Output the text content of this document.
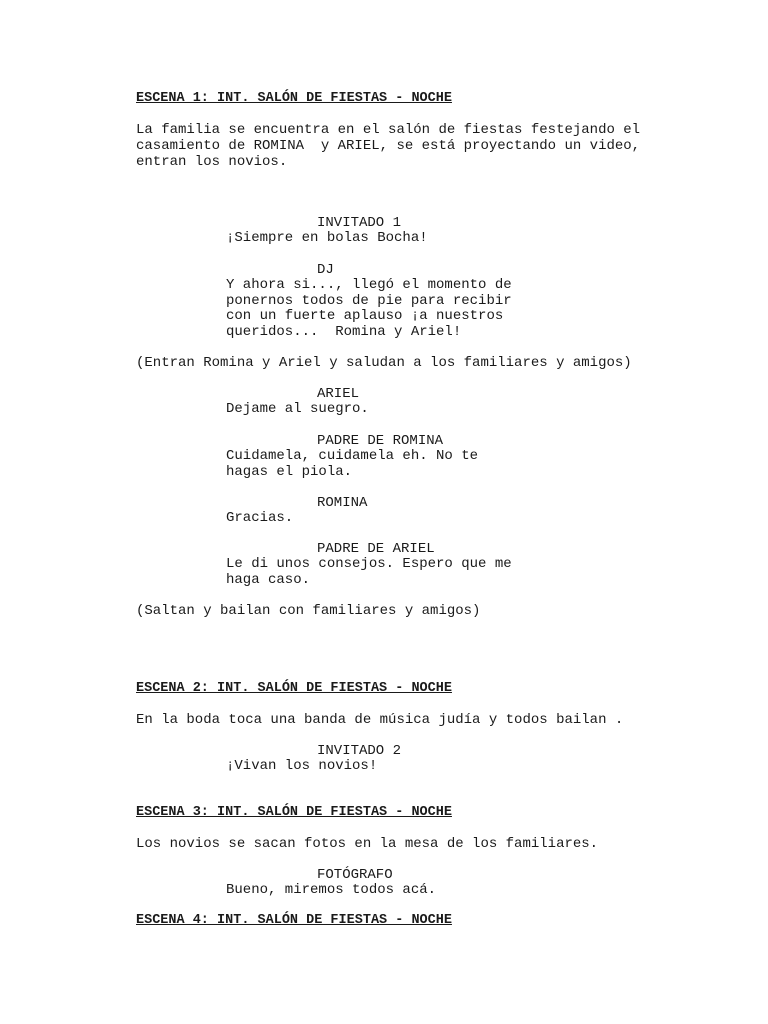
ESCENA 1: INT. SALÓN DE FIESTAS - NOCHE
La familia se encuentra en el salón de fiestas festejando el
casamiento de ROMINA  y ARIEL, se está proyectando un video,
entran los novios.
INVITADO 1
¡Siempre en bolas Bocha!
DJ
Y ahora si..., llegó el momento de
ponernos todos de pie para recibir
con un fuerte aplauso ¡a nuestros
queridos...  Romina y Ariel!
(Entran Romina y Ariel y saludan a los familiares y amigos)
ARIEL
Dejame al suegro.
PADRE DE ROMINA
Cuidamela, cuidamela eh. No te
hagas el piola.
ROMINA
Gracias.
PADRE DE ARIEL
Le di unos consejos. Espero que me
haga caso.
(Saltan y bailan con familiares y amigos)
ESCENA 2: INT. SALÓN DE FIESTAS - NOCHE
En la boda toca una banda de música judía y todos bailan .
INVITADO 2
¡Vivan los novios!
ESCENA 3: INT. SALÓN DE FIESTAS - NOCHE
Los novios se sacan fotos en la mesa de los familiares.
FOTÓGRAFO
Bueno, miremos todos acá.
ESCENA 4: INT. SALÓN DE FIESTAS - NOCHE
